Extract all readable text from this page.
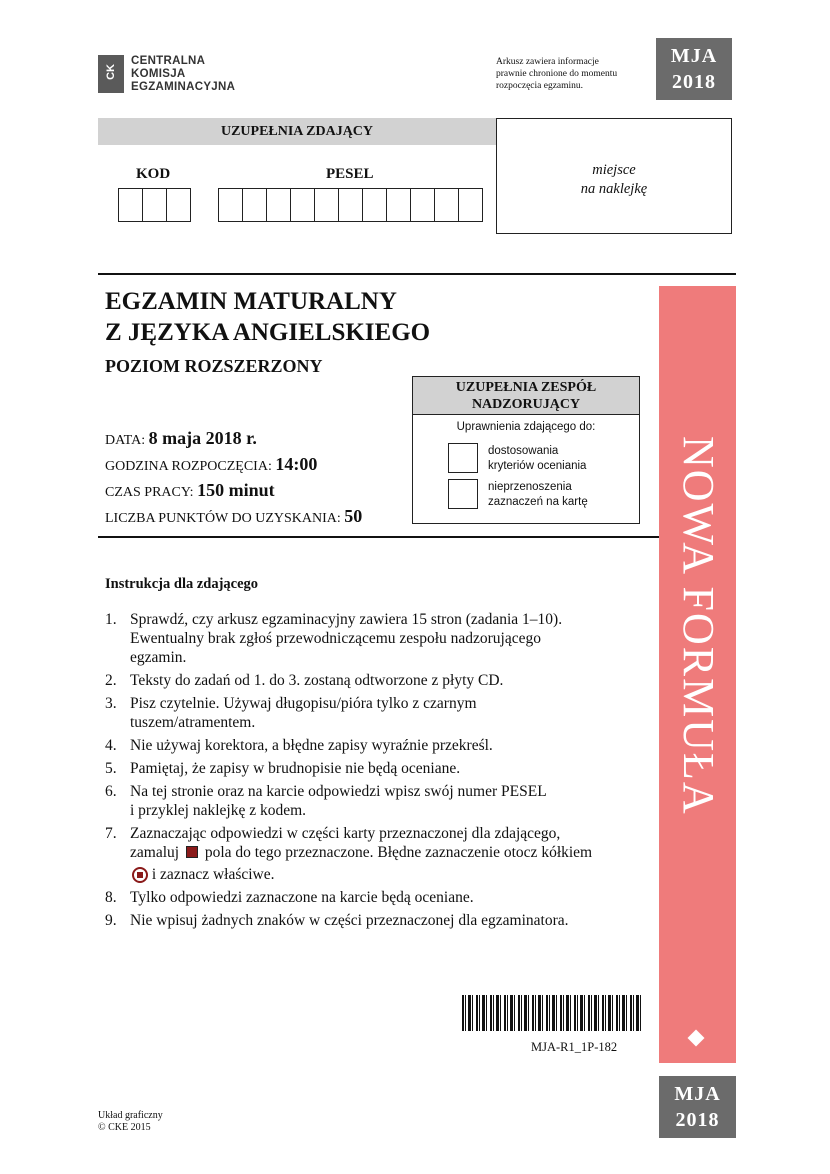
CK
CENTRALNA
KOMISJA
EGZAMINACYJNA
Arkusz zawiera informacje
prawnie chronione do momentu
rozpoczęcia egzaminu.
MJA
2018
UZUPEŁNIA ZDAJĄCY
KOD	PESEL	miejsce
na naklejkę
EGZAMIN MATURALNY
Z JĘZYKA ANGIELSKIEGO
POZIOM ROZSZERZONY
DATA: 8 maja 2018 r.
GODZINA ROZPOCZĘCIA: 14:00
CZAS PRACY: 150 minut
LICZBA PUNKTÓW DO UZYSKANIA: 50
UZUPEŁNIA ZESPÓŁ
NADZORUJĄCY
Uprawnienia zdającego do:
dostosowania
kryteriów oceniania
nieprzenoszenia
zaznaczeń na kartę NOWA FORMUŁA
Instrukcja dla zdającego
1. Sprawdź, czy arkusz egzaminacyjny zawiera 15 stron (zadania 1–10).
Ewentualny brak zgłoś przewodniczącemu zespołu nadzorującego
egzamin.
2. Teksty do zadań od 1. do 3. zostaną odtworzone z płyty CD.
3. Pisz czytelnie. Używaj długopisu/pióra tylko z czarnym
tuszem/atramentem.
4. Nie używaj korektora, a błędne zapisy wyraźnie przekreśl.
5. Pamiętaj, że zapisy w brudnopisie nie będą oceniane.
6. Na tej stronie oraz na karcie odpowiedzi wpisz swój numer PESEL
i przyklej naklejkę z kodem.
7. Zaznaczając odpowiedzi w części karty przeznaczonej dla zdającego,
zamaluj pola do tego przeznaczone. Błędne zaznaczenie otocz kółkiem
i zaznacz właściwe.
8. Tylko odpowiedzi zaznaczone na karcie będą oceniane.
9. Nie wpisuj żadnych znaków w części przeznaczonej dla egzaminatora.
MJA-R1_1P-182
MJA
2018
Układ graficzny
© CKE 2015
